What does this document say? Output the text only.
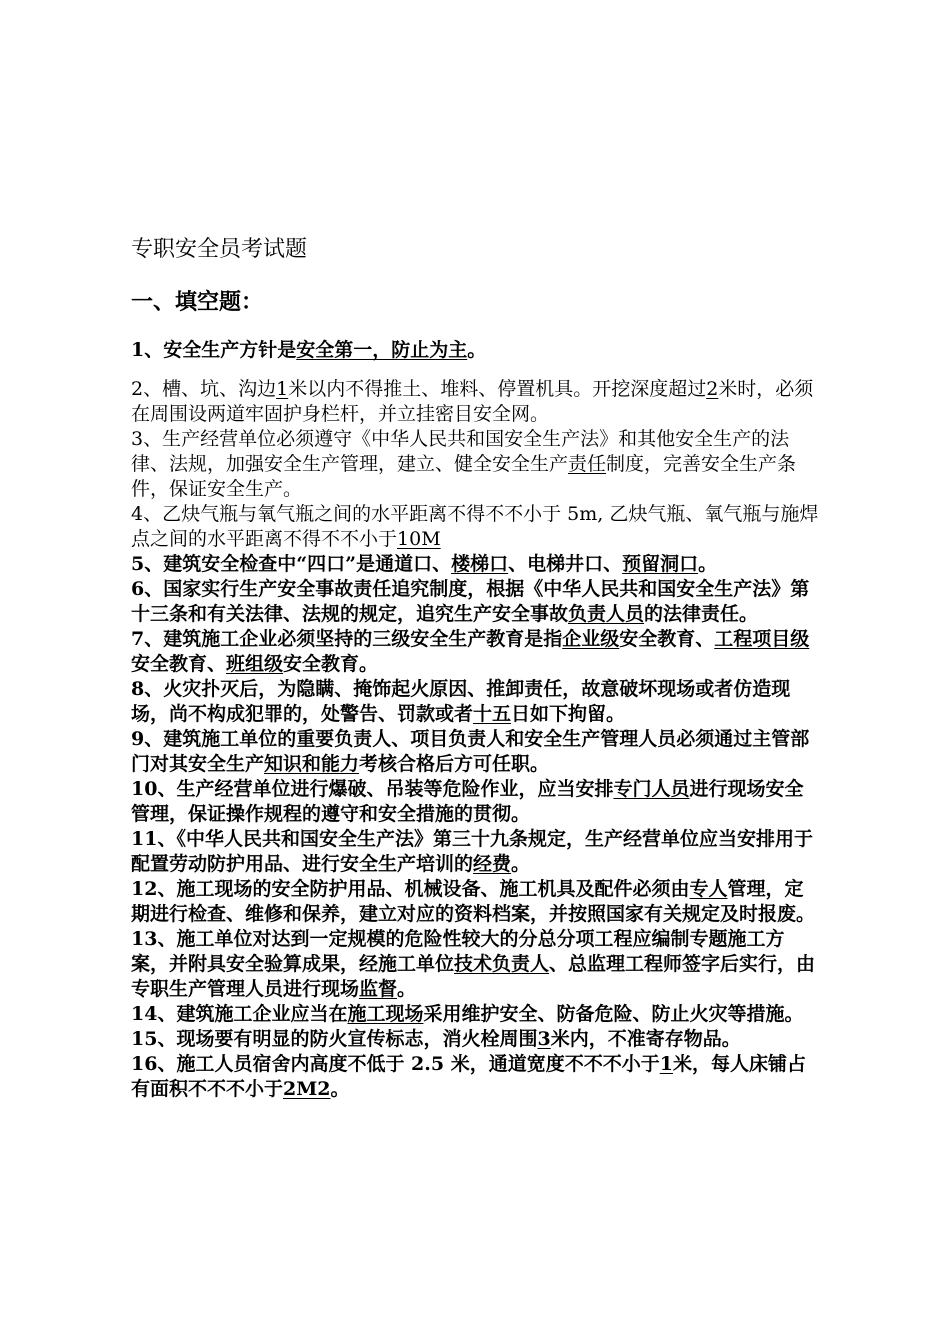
专职安全员考试题
一、填空题：

1、安全生产方针是安全第一，防止为主。

2、槽、坑、沟边1米以内不得推土、堆料、停置机具。开挖深度超过2米时，必须在周围设两道牢固护身栏杆，并立挂密目安全网。

3、生产经营单位必须遵守《中华人民共和国安全生产法》和其他安全生产的法律、法规，加强安全生产管理，建立、健全安全生产责任制度，完善安全生产条件，保证安全生产。

4、乙炔气瓶与氧气瓶之间的水平距离不得不不小于 5m, 乙炔气瓶、氧气瓶与施焊点之间的水平距离不得不不小于10M

5、建筑安全检查中“四口”是通道口、楼梯口、电梯井口、预留洞口。

6、国家实行生产安全事故责任追究制度，根据《中华人民共和国安全生产法》第十三条和有关法律、法规的规定，追究生产安全事故负责人员的法律责任。

7、建筑施工企业必须坚持的三级安全生产教育是指企业级安全教育、工程项目级安全教育、班组级安全教育。

8、火灾扑灭后，为隐瞒、掩饰起火原因、推卸责任，故意破坏现场或者仿造现场，尚不构成犯罪的，处警告、罚款或者十五日如下拘留。

9、建筑施工单位的重要负责人、项目负责人和安全生产管理人员必须通过主管部门对其安全生产知识和能力考核合格后方可任职。

10、生产经营单位进行爆破、吊装等危险作业，应当安排专门人员进行现场安全管理，保证操作规程的遵守和安全措施的贯彻。

11、《中华人民共和国安全生产法》第三十九条规定，生产经营单位应当安排用于配置劳动防护用品、进行安全生产培训的经费。

12、施工现场的安全防护用品、机械设备、施工机具及配件必须由专人管理，定期进行检查、维修和保养，建立对应的资料档案，并按照国家有关规定及时报废。

13、施工单位对达到一定规模的危险性较大的分总分项工程应编制专题施工方案，并附具安全验算成果，经施工单位技术负责人、总监理工程师签字后实行，由专职生产管理人员进行现场监督。

14、建筑施工企业应当在施工现场采用维护安全、防备危险、防止火灾等措施。

15、现场要有明显的防火宣传标志，消火栓周围3米内，不准寄存物品。

16、施工人员宿舍内高度不低于 2.5 米，通道宽度不不不小于1米，每人床铺占有面积不不不小于2M2。
